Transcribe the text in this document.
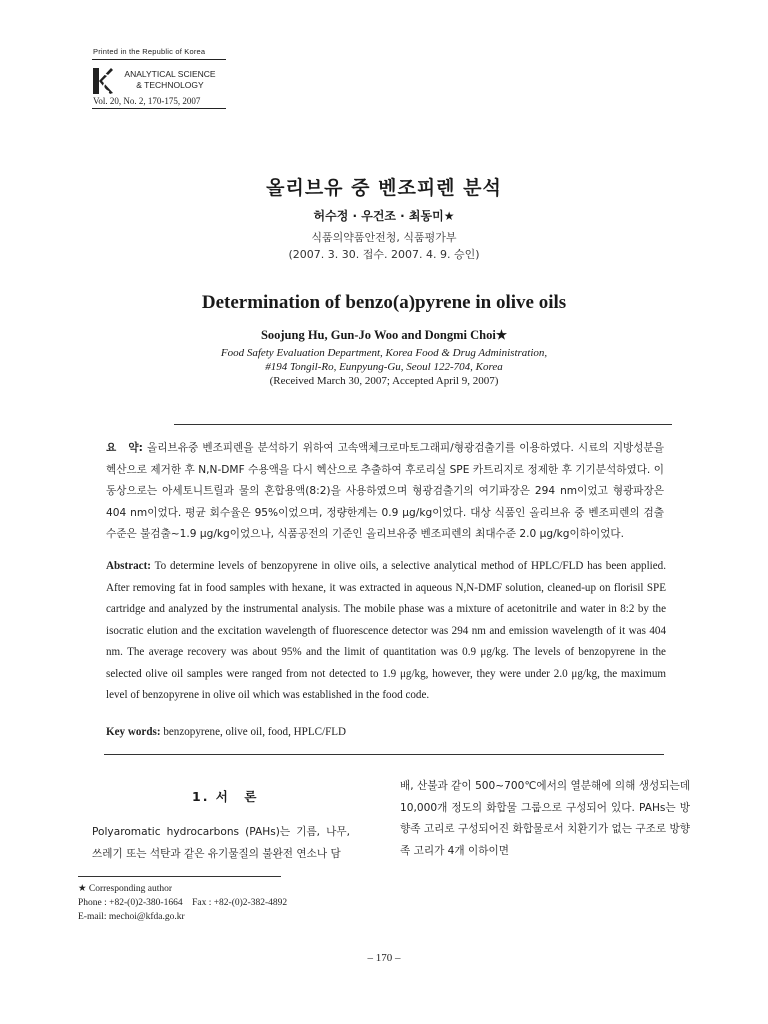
Printed in the Republic of Korea
ANALYTICAL SCIENCE
& TECHNOLOGY
Vol. 20, No. 2, 170-175, 2007
올리브유 중 벤조피렌 분석
허수정 · 우건조 · 최동미★
식품의약품안전청, 식품평가부
(2007. 3. 30. 접수. 2007. 4. 9. 승인)
Determination of benzo(a)pyrene in olive oils
Soojung Hu, Gun-Jo Woo and Dongmi Choi★
Food Safety Evaluation Department, Korea Food & Drug Administration,
#194 Tongil-Ro, Eunpyung-Gu, Seoul 122-704, Korea
(Received March 30, 2007; Accepted April 9, 2007)
요　약: 올리브유중 벤조피렌을 분석하기 위하여 고속액체크로마토그래피/형광검출기를 이용하였다. 시료의 지방성분을 헥산으로 제거한 후 N,N-DMF 수용액을 다시 헥산으로 추출하여 후로리실 SPE 카트리지로 정제한 후 기기분석하였다. 이동상으로는 아세토니트릴과 물의 혼합용액(8:2)을 사용하였으며 형광검출기의 여기파장은 294 nm이었고 형광파장은 404 nm이었다. 평균 회수율은 95%이었으며, 정량한계는 0.9 μg/kg이었다. 대상 식품인 올리브유 중 벤조피렌의 검출수준은 불검출~1.9 μg/kg이었으나, 식품공전의 기준인 올리브유중 벤조피렌의 최대수준 2.0 μg/kg이하이었다.
Abstract: To determine levels of benzopyrene in olive oils, a selective analytical method of HPLC/FLD has been applied. After removing fat in food samples with hexane, it was extracted in aqueous N,N-DMF solution, cleaned-up on florisil SPE cartridge and analyzed by the instrumental analysis. The mobile phase was a mixture of acetonitrile and water in 8:2 by the isocratic elution and the excitation wavelength of fluorescence detector was 294 nm and emission wavelength of it was 404 nm. The average recovery was about 95% and the limit of quantitation was 0.9 μg/kg. The levels of benzopyrene in the selected olive oil samples were ranged from not detected to 1.9 μg/kg, however, they were under 2.0 μg/kg, the maximum level of benzopyrene in olive oil which was established in the food code.
Key words: benzopyrene, olive oil, food, HPLC/FLD
1. 서　론
Polyaromatic hydrocarbons (PAHs)는 기름, 나무, 쓰레기 또는 석탄과 같은 유기물질의 불완전 연소나 담
배, 산불과 같이 500~700℃에서의 열분해에 의해 생성되는데 10,000개 정도의 화합물 그룹으로 구성되어 있다. PAHs는 방향족 고리로 구성되어진 화합물로서 치환기가 없는 구조로 방향족 고리가 4개 이하이면
★ Corresponding author
Phone : +82-(0)2-380-1664　Fax : +82-(0)2-382-4892
E-mail: mechoi@kfda.go.kr
– 170 –
